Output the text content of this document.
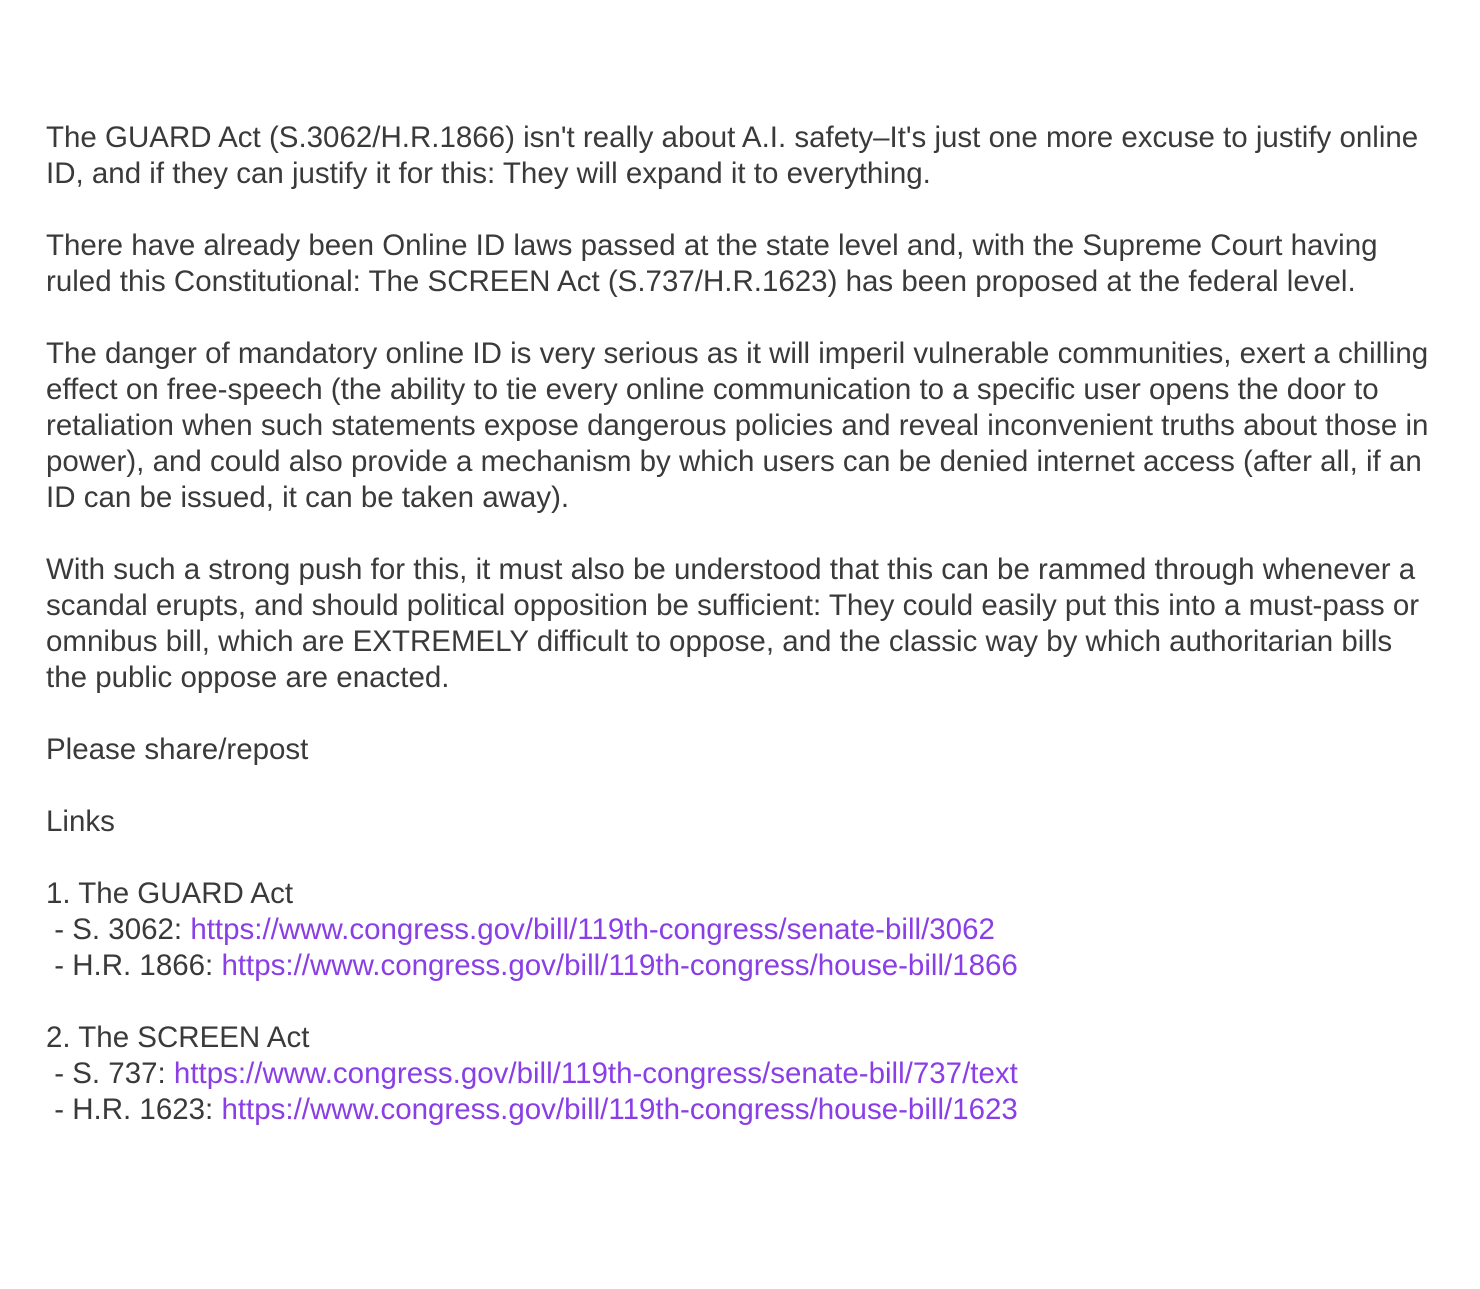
The GUARD Act (S.3062/H.R.1866) isn't really about A.I. safety–It's just one more excuse to justify online ID, and if they can justify it for this: They will expand it to everything.

There have already been Online ID laws passed at the state level and, with the Supreme Court having ruled this Constitutional: The SCREEN Act (S.737/H.R.1623) has been proposed at the federal level.

The danger of mandatory online ID is very serious as it will imperil vulnerable communities, exert a chilling effect on free-speech (the ability to tie every online communication to a specific user opens the door to retaliation when such statements expose dangerous policies and reveal inconvenient truths about those in power), and could also provide a mechanism by which users can be denied internet access (after all, if an ID can be issued, it can be taken away).

With such a strong push for this, it must also be understood that this can be rammed through whenever a scandal erupts, and should political opposition be sufficient: They could easily put this into a must-pass or omnibus bill, which are EXTREMELY difficult to oppose, and the classic way by which authoritarian bills the public oppose are enacted.

Please share/repost

Links

1. The GUARD Act
- S. 3062: https://www.congress.gov/bill/119th-congress/senate-bill/3062
- H.R. 1866: https://www.congress.gov/bill/119th-congress/house-bill/1866
2. The SCREEN Act
- S. 737: https://www.congress.gov/bill/119th-congress/senate-bill/737/text
- H.R. 1623: https://www.congress.gov/bill/119th-congress/house-bill/1623
